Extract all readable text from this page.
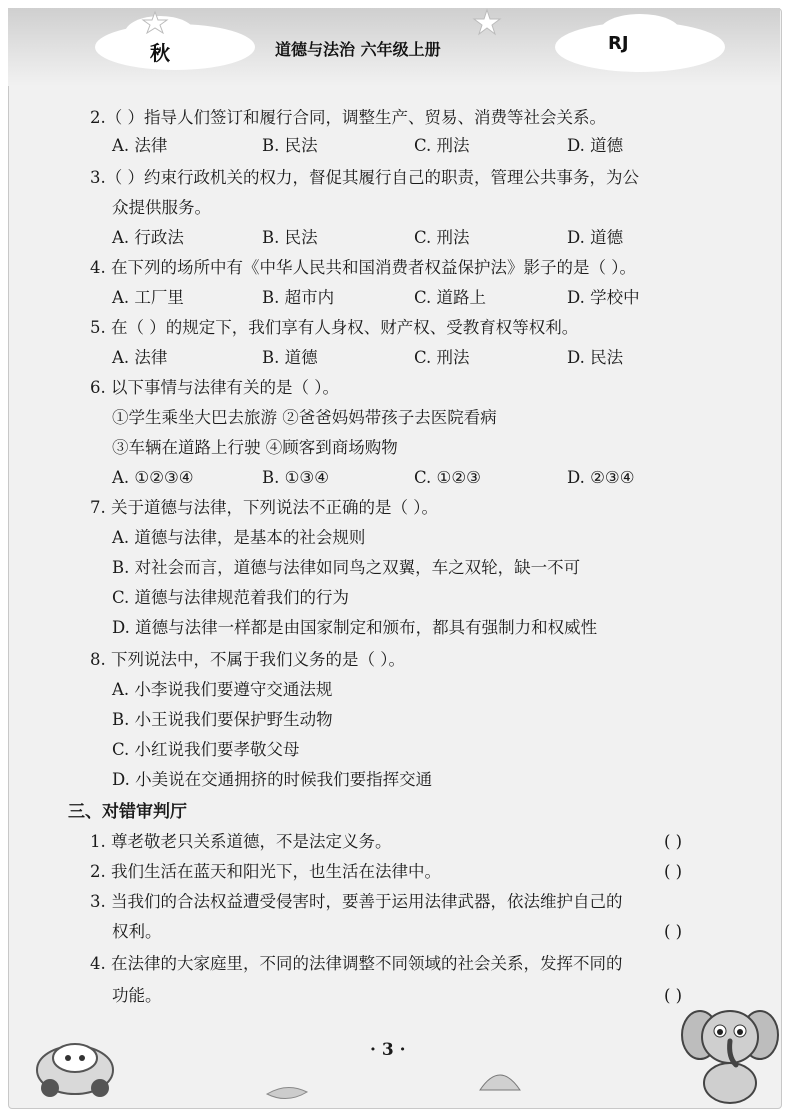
秋	道德与法治 六年级上册	RJ
2.（ ）指导人们签订和履行合同，调整生产、贸易、消费等社会关系。
A. 法律	B. 民法	C. 刑法	D. 道德
3.（ ）约束行政机关的权力，督促其履行自己的职责，管理公共事务，为公
众提供服务。
A. 行政法	B. 民法	C. 刑法	D. 道德
4. 在下列的场所中有《中华人民共和国消费者权益保护法》影子的是（ ）。
A. 工厂里	B. 超市内	C. 道路上	D. 学校中
5. 在（ ）的规定下，我们享有人身权、财产权、受教育权等权利。
A. 法律	B. 道德	C. 刑法	D. 民法
6. 以下事情与法律有关的是（ ）。
①学生乘坐大巴去旅游 ②爸爸妈妈带孩子去医院看病
③车辆在道路上行驶 ④顾客到商场购物
A. ①②③④	B. ①③④	C. ①②③	D. ②③④
7. 关于道德与法律，下列说法不正确的是（ ）。
A. 道德与法律，是基本的社会规则
B. 对社会而言，道德与法律如同鸟之双翼，车之双轮，缺一不可
C. 道德与法律规范着我们的行为
D. 道德与法律一样都是由国家制定和颁布，都具有强制力和权威性
8. 下列说法中，不属于我们义务的是（ ）。
A. 小李说我们要遵守交通法规
B. 小王说我们要保护野生动物
C. 小红说我们要孝敬父母
D. 小美说在交通拥挤的时候我们要指挥交通
三、对错审判厅
1. 尊老敬老只关系道德，不是法定义务。	( )
2. 我们生活在蓝天和阳光下，也生活在法律中。	( )
3. 当我们的合法权益遭受侵害时，要善于运用法律武器，依法维护自己的
权利。	( )
4. 在法律的大家庭里，不同的法律调整不同领域的社会关系，发挥不同的
功能。	( )
· 3 ·
